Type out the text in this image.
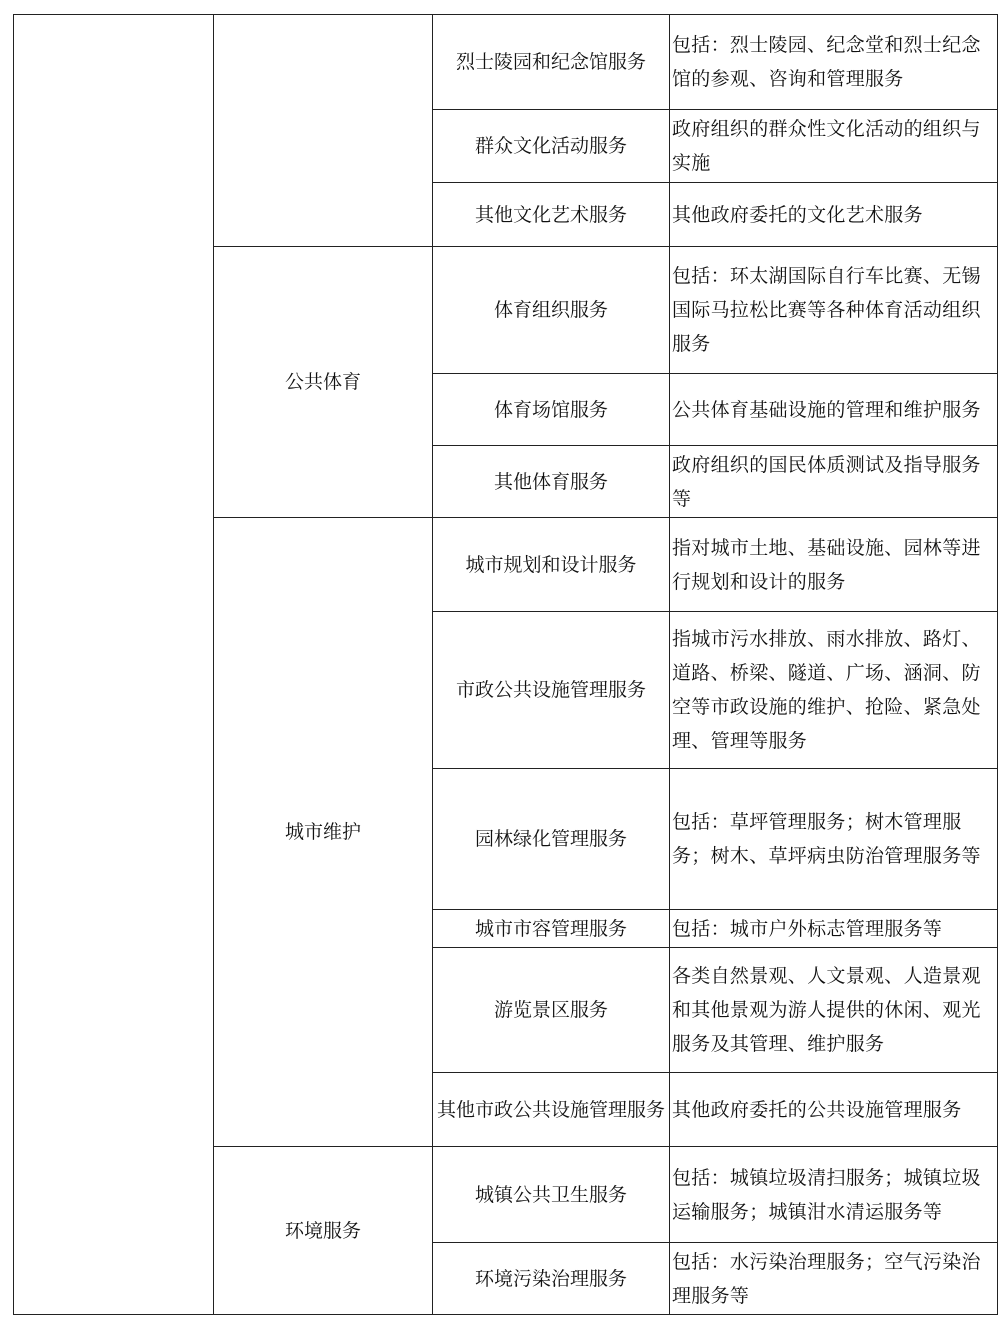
		烈士陵园和纪念馆服务	包括：烈士陵园、纪念堂和烈士纪念馆的参观、咨询和管理服务
		群众文化活动服务	政府组织的群众性文化活动的组织与实施
		其他文化艺术服务	其他政府委托的文化艺术服务
	公共体育	体育组织服务	包括：环太湖国际自行车比赛、无锡国际马拉松比赛等各种体育活动组织服务
		体育场馆服务	公共体育基础设施的管理和维护服务
		其他体育服务	政府组织的国民体质测试及指导服务等
	城市维护	城市规划和设计服务	指对城市土地、基础设施、园林等进行规划和设计的服务
		市政公共设施管理服务	指城市污水排放、雨水排放、路灯、道路、桥梁、隧道、广场、涵洞、防空等市政设施的维护、抢险、紧急处理、管理等服务
		园林绿化管理服务	包括：草坪管理服务；树木管理服务；树木、草坪病虫防治管理服务等
		城市市容管理服务	包括：城市户外标志管理服务等
		游览景区服务	各类自然景观、人文景观、人造景观和其他景观为游人提供的休闲、观光服务及其管理、维护服务
		其他市政公共设施管理服务	其他政府委托的公共设施管理服务
	环境服务	城镇公共卫生服务	包括：城镇垃圾清扫服务；城镇垃圾运输服务；城镇泔水清运服务等
		环境污染治理服务	包括：水污染治理服务；空气污染治理服务等
